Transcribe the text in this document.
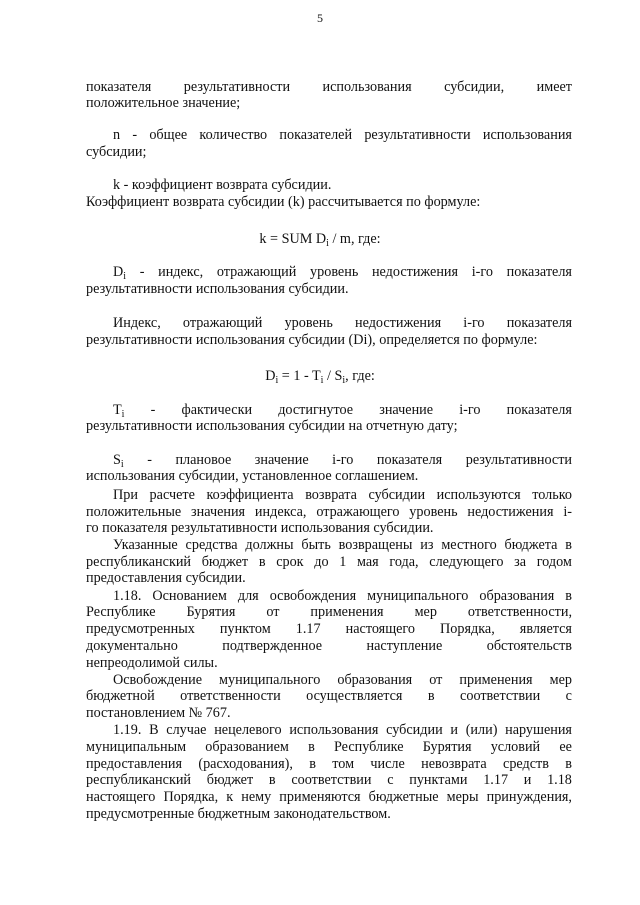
5
показателя результативности использования субсидии, имеет
положительное значение;
n - общее количество показателей результативности использования
субсидии;
k - коэффициент возврата субсидии.
Коэффициент возврата субсидии (k) рассчитывается по формуле:
k = SUM $D_i$ / m, где:
$D_i$ - индекс, отражающий уровень недостижения i-го показателя
результативности использования субсидии.
Индекс, отражающий уровень недостижения i-го показателя
результативности использования субсидии (Di), определяется по формуле:
$D_i = 1 - T_i / S_i$, где:
$T_i$ - фактически достигнутое значение i-го показателя
результативности использования субсидии на отчетную дату;
$S_i$ - плановое значение i-го показателя результативности
использования субсидии, установленное соглашением.
При расчете коэффициента возврата субсидии используются только
положительные значения индекса, отражающего уровень недостижения i-
го показателя результативности использования субсидии.
Указанные средства должны быть возвращены из местного бюджета в
республиканский бюджет в срок до 1 мая года, следующего за годом
предоставления субсидии.
1.18. Основанием для освобождения муниципального образования в
Республике Бурятия от применения мер ответственности,
предусмотренных пунктом 1.17 настоящего Порядка, является
документально	подтвержденное	наступление	обстоятельств
непреодолимой силы.
Освобождение муниципального образования от применения мер
бюджетной ответственности осуществляется в соответствии с
постановлением № 767.
1.19. В случае нецелевого использования субсидии и (или) нарушения
муниципальным образованием в Республике Бурятия условий ее
предоставления (расходования), в том числе невозврата средств в
республиканский бюджет в соответствии с пунктами 1.17 и 1.18
настоящего Порядка, к нему применяются бюджетные меры принуждения,
предусмотренные бюджетным законодательством.
